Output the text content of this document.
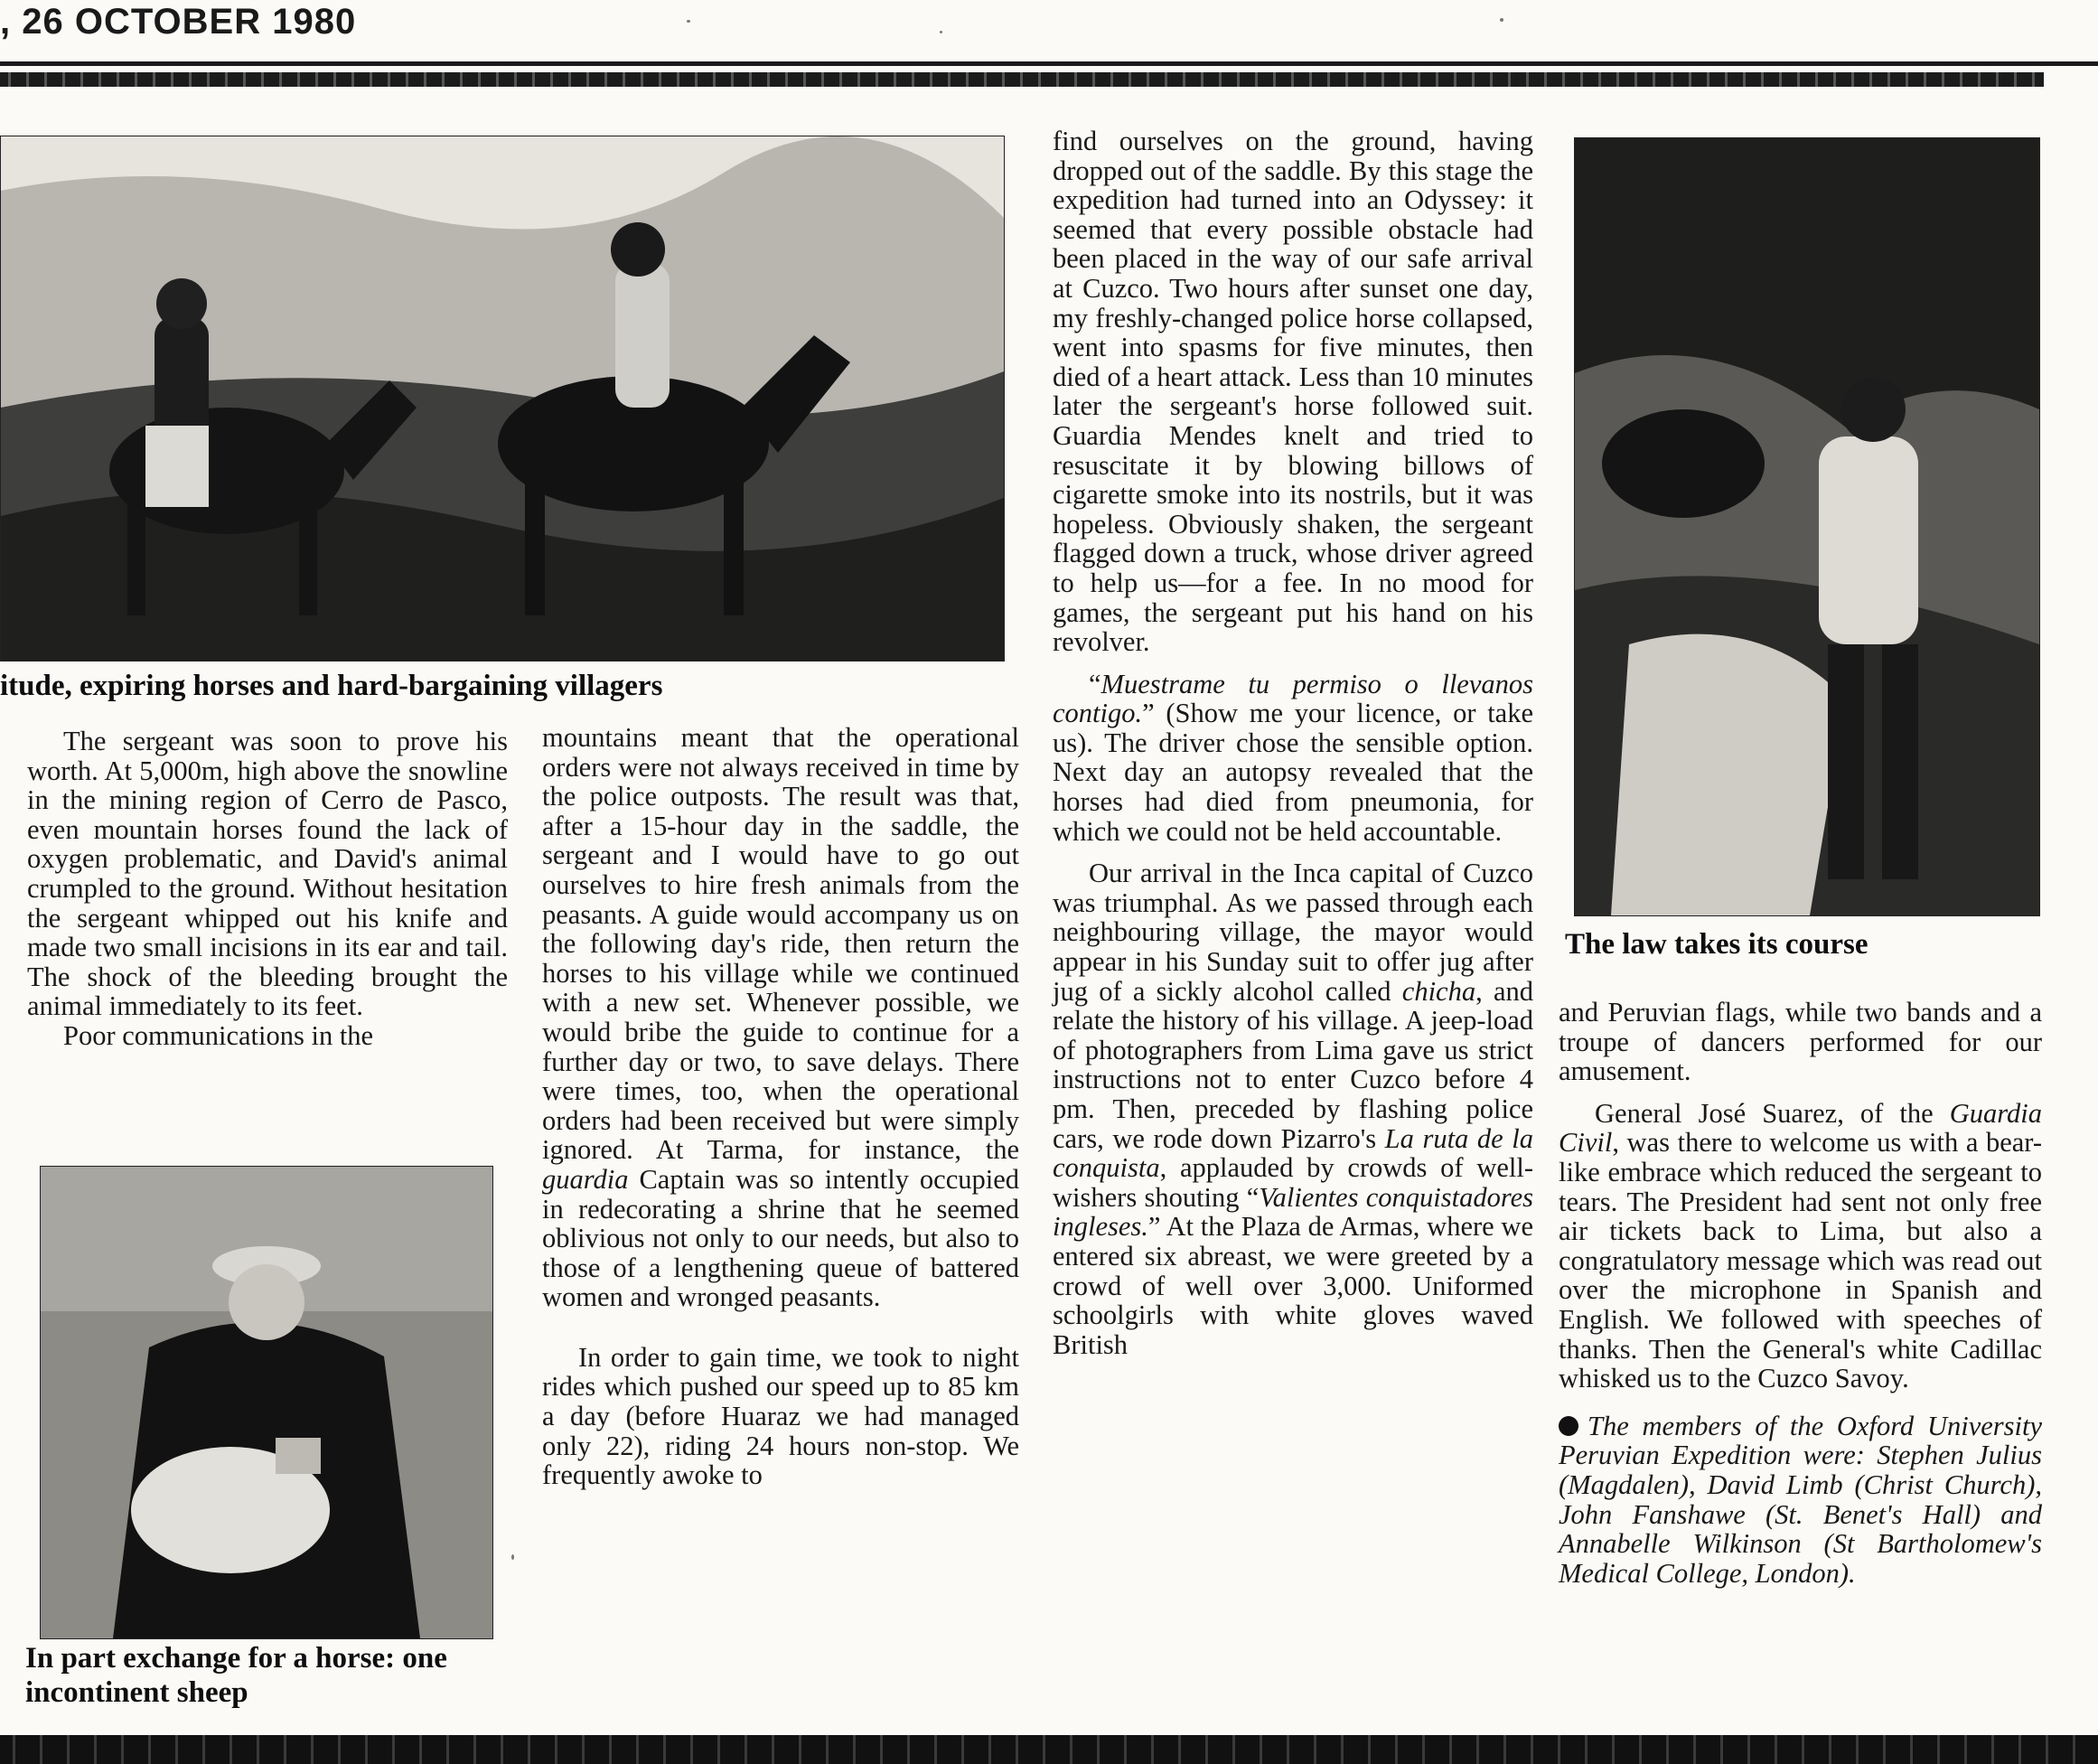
, 26 OCTOBER 1980

itude, expiring horses and hard-bargaining villagers

The sergeant was soon to prove his worth. At 5,000m, high above the snowline in the mining region of Cerro de Pasco, even mountain horses found the lack of oxygen problematic, and David's animal crumpled to the ground. Without hesitation the sergeant whipped out his knife and made two small incisions in its ear and tail. The shock of the bleeding brought the animal immediately to its feet.

Poor communications in the

In part exchange for a horse: one incontinent sheep

mountains meant that the operational orders were not always received in time by the police outposts. The result was that, after a 15-hour day in the saddle, the sergeant and I would have to go out ourselves to hire fresh animals from the peasants. A guide would accompany us on the following day's ride, then return the horses to his village while we continued with a new set. Whenever possible, we would bribe the guide to continue for a further day or two, to save delays. There were times, too, when the operational orders had been received but were simply ignored. At Tarma, for instance, the guardia Captain was so intently occupied in redecorating a shrine that he seemed oblivious not only to our needs, but also to those of a lengthening queue of battered women and wronged peasants.

In order to gain time, we took to night rides which pushed our speed up to 85 km a day (before Huaraz we had managed only 22), riding 24 hours non-stop. We frequently awoke to

find ourselves on the ground, having dropped out of the saddle. By this stage the expedition had turned into an Odyssey: it seemed that every possible obstacle had been placed in the way of our safe arrival at Cuzco. Two hours after sunset one day, my freshly-changed police horse collapsed, went into spasms for five minutes, then died of a heart attack. Less than 10 minutes later the sergeant's horse followed suit. Guardia Mendes knelt and tried to resuscitate it by blowing billows of cigarette smoke into its nostrils, but it was hopeless. Obviously shaken, the sergeant flagged down a truck, whose driver agreed to help us—for a fee. In no mood for games, the sergeant put his hand on his revolver.

“Muestrame tu permiso o llevanos contigo.” (Show me your licence, or take us). The driver chose the sensible option. Next day an autopsy revealed that the horses had died from pneumonia, for which we could not be held accountable.

Our arrival in the Inca capital of Cuzco was triumphal. As we passed through each neighbouring village, the mayor would appear in his Sunday suit to offer jug after jug of a sickly alcohol called chicha, and relate the history of his village. A jeep-load of photographers from Lima gave us strict instructions not to enter Cuzco before 4 pm. Then, preceded by flashing police cars, we rode down Pizarro's La ruta de la conquista, applauded by crowds of well-wishers shouting “Valientes conquistadores ingleses.” At the Plaza de Armas, where we entered six abreast, we were greeted by a crowd of well over 3,000. Uniformed schoolgirls with white gloves waved British

The law takes its course

and Peruvian flags, while two bands and a troupe of dancers performed for our amusement.

General José Suarez, of the Guardia Civil, was there to welcome us with a bear-like embrace which reduced the sergeant to tears. The President had sent not only free air tickets back to Lima, but also a congratulatory message which was read out over the microphone in Spanish and English. We followed with speeches of thanks. Then the General's white Cadillac whisked us to the Cuzco Savoy.

The members of the Oxford University Peruvian Expedition were: Stephen Julius (Magdalen), David Limb (Christ Church), John Fanshawe (St. Benet's Hall) and Annabelle Wilkinson (St Bartholomew's Medical College, London).
